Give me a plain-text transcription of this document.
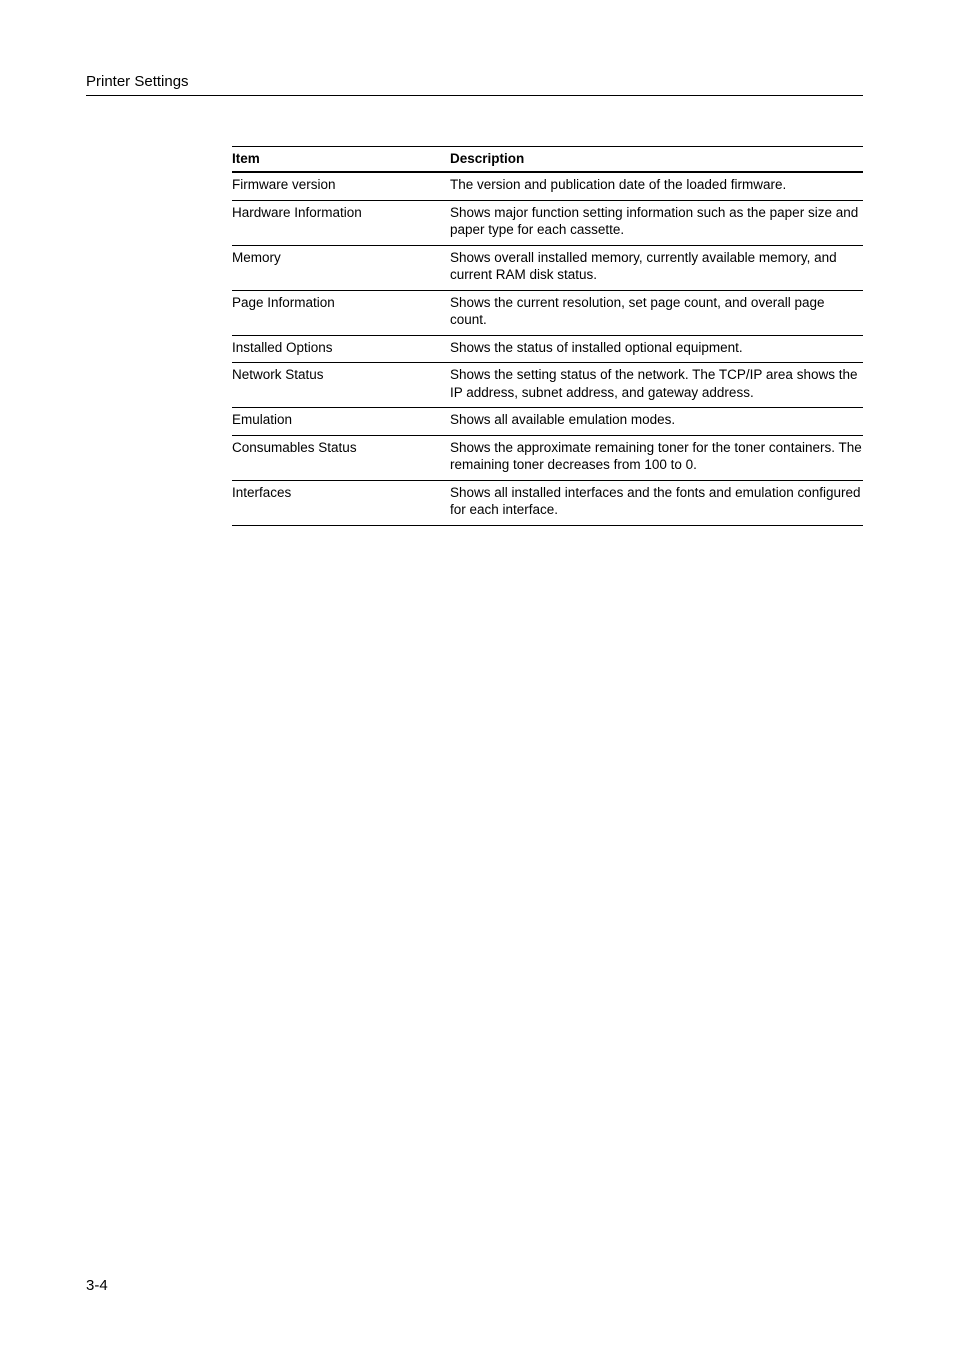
Printer Settings
Item	Description
Firmware version	The version and publication date of the loaded firmware.
Hardware Information	Shows major function setting information such as the paper size and paper type for each cassette.
Memory	Shows overall installed memory, currently available memory, and current RAM disk status.
Page Information	Shows the current resolution, set page count, and overall page count.
Installed Options	Shows the status of installed optional equipment.
Network Status	Shows the setting status of the network. The TCP/IP area shows the IP address, subnet address, and gateway address.
Emulation	Shows all available emulation modes.
Consumables Status	Shows the approximate remaining toner for the toner containers. The remaining toner decreases from 100 to 0.
Interfaces	Shows all installed interfaces and the fonts and emulation configured for each interface.
3-4
